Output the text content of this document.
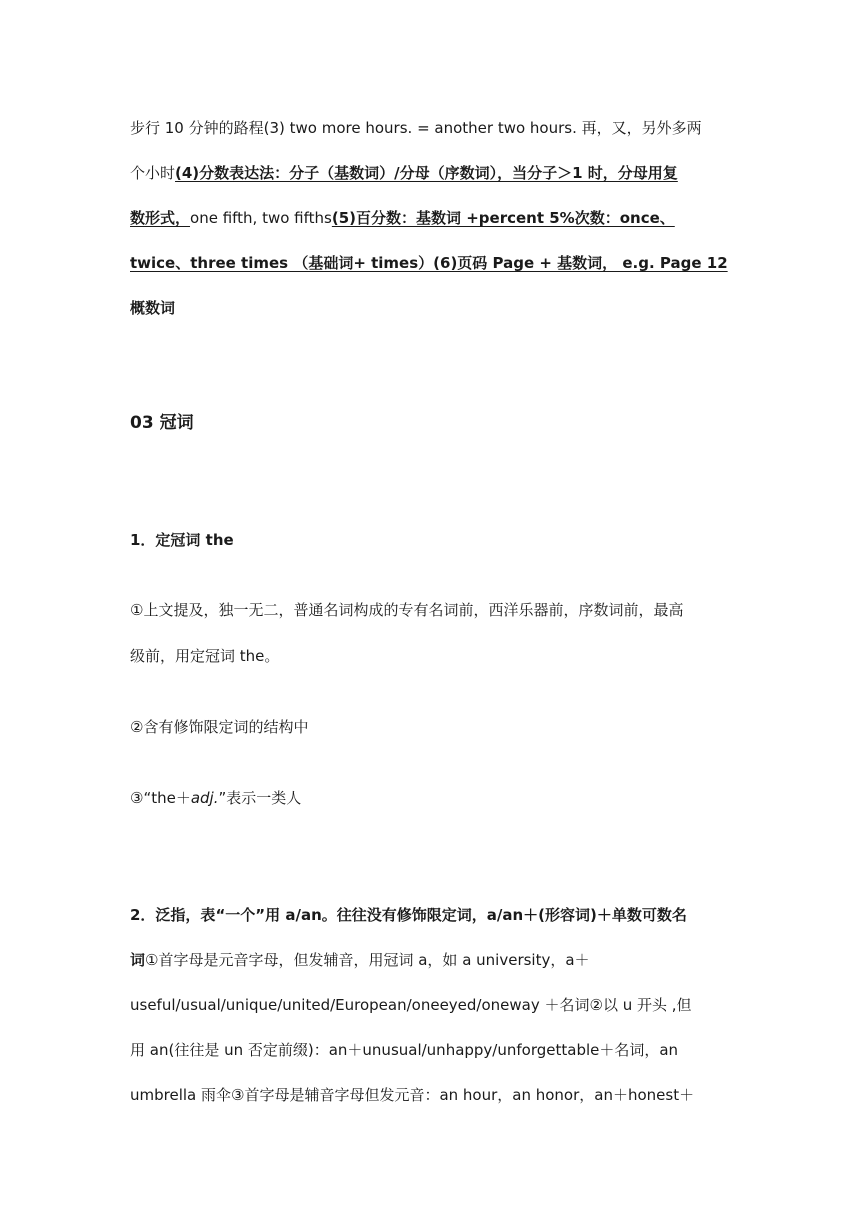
步行 10 分钟的路程(3) two more hours. = another two hours. 再，又，另外多两
个小时(4)分数表达法：分子（基数词）/分母（序数词），当分子＞1 时，分母用复
数形式，one fifth, two fifths(5)百分数：基数词 +percent 5%次数：once、
twice、three times （基础词+ times）(6)页码 Page + 基数词， e.g. Page 12
概数词
03 冠词
1．定冠词 the
①上文提及，独一无二，普通名词构成的专有名词前，西洋乐器前，序数词前，最高
级前，用定冠词 the。
②含有修饰限定词的结构中
③“the＋adj.”表示一类人
2．泛指，表“一个”用 a/an。往往没有修饰限定词，a/an＋(形容词)＋单数可数名
词①首字母是元音字母，但发辅音，用冠词 a，如 a university，a＋
useful/usual/unique/united/European/oneeyed/oneway ＋名词②以 u 开头 ,但
用 an(往往是 un 否定前缀)：an＋unusual/unhappy/unforgettable＋名词，an
umbrella 雨伞③首字母是辅音字母但发元音：an hour，an honor，an＋honest＋
